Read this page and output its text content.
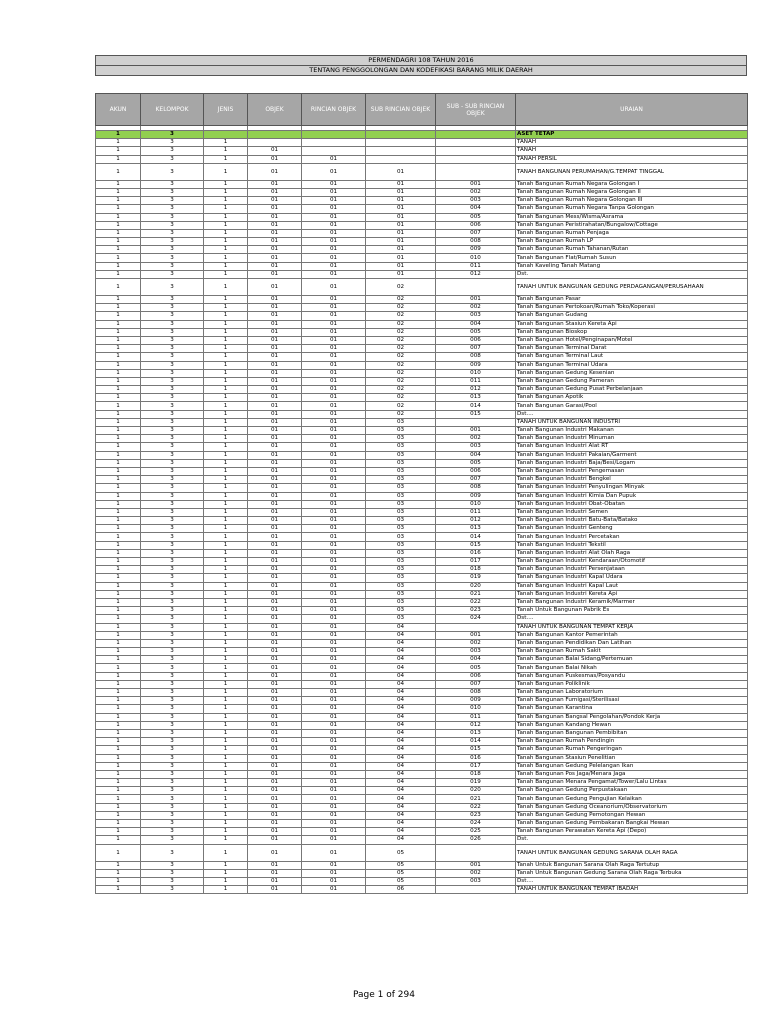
PERMENDAGRI 108 TAHUN 2016
TENTANG PENGGOLONGAN DAN KODEFIKASI BARANG MILIK DAERAH
AKUN	KELOMPOK	JENIS	OBJEK	RINCIAN OBJEK	SUB RINCIAN OBJEK	SUB - SUB RINCIAN OBJEK	URAIAN

1	3						ASET TETAP
1	3	1					TANAH
1	3	1	01				TANAH
1	3	1	01	01			TANAH PERSIL
1	3	1	01	01	01		TANAH BANGUNAN PERUMAHAN/G.TEMPAT TINGGAL
1	3	1	01	01	01	001	Tanah Bangunan Rumah Negara Golongan I
1	3	1	01	01	01	002	Tanah Bangunan Rumah Negara Golongan II
1	3	1	01	01	01	003	Tanah Bangunan Rumah Negara Golongan III
1	3	1	01	01	01	004	Tanah Bangunan Rumah Negara Tanpa Golongan
1	3	1	01	01	01	005	Tanah Bangunan Mess/Wisma/Asrama
1	3	1	01	01	01	006	Tanah Bangunan Peristirahatan/Bungalow/Cottage
1	3	1	01	01	01	007	Tanah Bangunan Rumah Penjaga
1	3	1	01	01	01	008	Tanah Bangunan Rumah LP
1	3	1	01	01	01	009	Tanah Bangunan Rumah Tahanan/Rutan
1	3	1	01	01	01	010	Tanah Bangunan Flat/Rumah Susun
1	3	1	01	01	01	011	Tanah Kaveling Tanah Matang
1	3	1	01	01	01	012	Dst.
1	3	1	01	01	02		TANAH UNTUK BANGUNAN GEDUNG PERDAGANGAN/PERUSAHAAN
1	3	1	01	01	02	001	Tanah Bangunan Pasar
1	3	1	01	01	02	002	Tanah Bangunan Pertokoan/Rumah Toko/Koperasi
1	3	1	01	01	02	003	Tanah Bangunan Gudang
1	3	1	01	01	02	004	Tanah Bangunan Stasiun Kereta Api
1	3	1	01	01	02	005	Tanah Bangunan Bioskop
1	3	1	01	01	02	006	Tanah Bangunan Hotel/Penginapan/Motel
1	3	1	01	01	02	007	Tanah Bangunan Terminal Darat
1	3	1	01	01	02	008	Tanah Bangunan Terminal Laut
1	3	1	01	01	02	009	Tanah Bangunan Terminal Udara
1	3	1	01	01	02	010	Tanah Bangunan Gedung Kesenian
1	3	1	01	01	02	011	Tanah Bangunan Gedung Pameran
1	3	1	01	01	02	012	Tanah Bangunan Gedung Pusat Perbelanjaan
1	3	1	01	01	02	013	Tanah Bangunan Apotik
1	3	1	01	01	02	014	Tanah Bangunan Garasi/Pool
1	3	1	01	01	02	015	Dst....
1	3	1	01	01	03		TANAH UNTUK BANGUNAN INDUSTRI
1	3	1	01	01	03	001	Tanah Bangunan Industri Makanan
1	3	1	01	01	03	002	Tanah Bangunan Industri Minuman
1	3	1	01	01	03	003	Tanah Bangunan Industri Alat RT
1	3	1	01	01	03	004	Tanah Bangunan Industri Pakaian/Garment
1	3	1	01	01	03	005	Tanah Bangunan Industri Baja/Besi/Logam
1	3	1	01	01	03	006	Tanah Bangunan Industri Pengemasan
1	3	1	01	01	03	007	Tanah Bangunan Industri Bengkel
1	3	1	01	01	03	008	Tanah Bangunan Industri Penyulingan Minyak
1	3	1	01	01	03	009	Tanah Bangunan Industri Kimia Dan Pupuk
1	3	1	01	01	03	010	Tanah Bangunan Industri Obat-Obatan
1	3	1	01	01	03	011	Tanah Bangunan Industri Semen
1	3	1	01	01	03	012	Tanah Bangunan Industri Batu-Bata/Batako
1	3	1	01	01	03	013	Tanah Bangunan Industri Genteng
1	3	1	01	01	03	014	Tanah Bangunan Industri Percetakan
1	3	1	01	01	03	015	Tanah Bangunan Industri Tekstil
1	3	1	01	01	03	016	Tanah Bangunan Industri Alat Olah Raga
1	3	1	01	01	03	017	Tanah Bangunan Industri Kendaraan/Otomotif
1	3	1	01	01	03	018	Tanah Bangunan Industri Persenjataan
1	3	1	01	01	03	019	Tanah Bangunan Industri Kapal Udara
1	3	1	01	01	03	020	Tanah Bangunan Industri Kapal Laut
1	3	1	01	01	03	021	Tanah Bangunan Industri Kereta Api
1	3	1	01	01	03	022	Tanah Bangunan Industri Keramik/Marmer
1	3	1	01	01	03	023	Tanah Untuk Bangunan Pabrik Es
1	3	1	01	01	03	024	Dst....
1	3	1	01	01	04		TANAH UNTUK BANGUNAN TEMPAT KERJA
1	3	1	01	01	04	001	Tanah Bangunan Kantor Pemerintah
1	3	1	01	01	04	002	Tanah Bangunan Pendidikan Dan Latihan
1	3	1	01	01	04	003	Tanah Bangunan Rumah Sakit
1	3	1	01	01	04	004	Tanah Bangunan Balai Sidang/Pertemuan
1	3	1	01	01	04	005	Tanah Bangunan Balai Nikah
1	3	1	01	01	04	006	Tanah Bangunan Puskesmas/Posyandu
1	3	1	01	01	04	007	Tanah Bangunan Poliklinik
1	3	1	01	01	04	008	Tanah Bangunan Laboratorium
1	3	1	01	01	04	009	Tanah Bangunan Fumigasi/Sterilisasi
1	3	1	01	01	04	010	Tanah Bangunan Karantina
1	3	1	01	01	04	011	Tanah Bangunan Bangsal Pengolahan/Pondok Kerja
1	3	1	01	01	04	012	Tanah Bangunan Kandang Hewan
1	3	1	01	01	04	013	Tanah Bangunan Bangunan Pembibitan
1	3	1	01	01	04	014	Tanah Bangunan Rumah Pendingin
1	3	1	01	01	04	015	Tanah Bangunan Rumah Pengeringan
1	3	1	01	01	04	016	Tanah Bangunan Stasiun Penelitian
1	3	1	01	01	04	017	Tanah Bangunan Gedung Pelelangan Ikan
1	3	1	01	01	04	018	Tanah Bangunan Pos Jaga/Menara Jaga
1	3	1	01	01	04	019	Tanah Bangunan Menara Pengamat/Tower/Lalu Lintas
1	3	1	01	01	04	020	Tanah Bangunan Gedung Perpustakaan
1	3	1	01	01	04	021	Tanah Bangunan Gedung Pengujian Kelaikan
1	3	1	01	01	04	022	Tanah Bangunan Gedung Oceanorium/Observatorium
1	3	1	01	01	04	023	Tanah Bangunan Gedung Pemotongan Hewan
1	3	1	01	01	04	024	Tanah Bangunan Gedung Pembakaran Bangkai Hewan
1	3	1	01	01	04	025	Tanah Bangunan Perawatan Kereta Api (Depo)
1	3	1	01	01	04	026	Dst.
1	3	1	01	01	05		TANAH UNTUK BANGUNAN GEDUNG SARANA OLAH RAGA
1	3	1	01	01	05	001	Tanah Untuk Bangunan Sarana Olah Raga Tertutup
1	3	1	01	01	05	002	Tanah Untuk Bangunan Gedung Sarana Olah Raga Terbuka
1	3	1	01	01	05	003	Dst....
1	3	1	01	01	06		TANAH UNTUK BANGUNAN TEMPAT IBADAH
Page 1 of 294
